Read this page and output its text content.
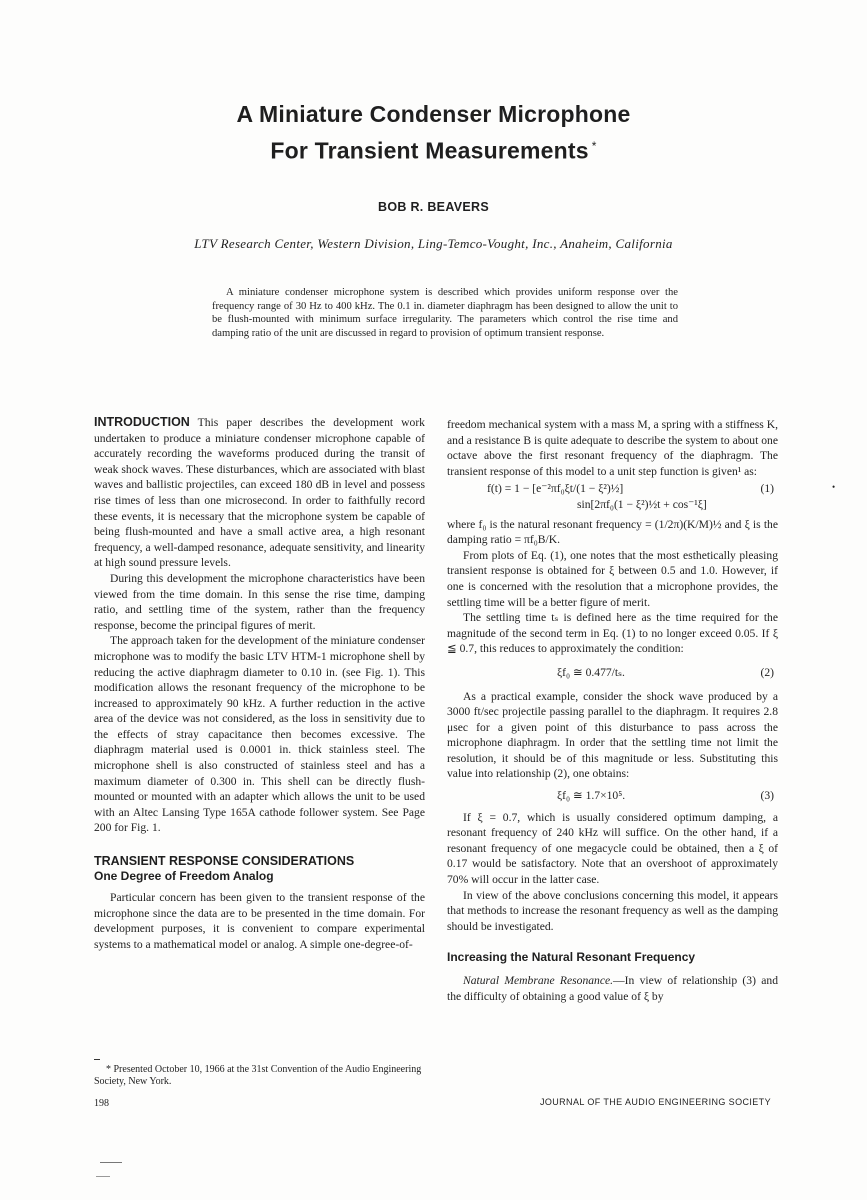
A Miniature Condenser Microphone
For Transient Measurements *
BOB R. BEAVERS
LTV Research Center, Western Division, Ling-Temco-Vought, Inc., Anaheim, California
A miniature condenser microphone system is described which provides uniform response over the frequency range of 30 Hz to 400 kHz. The 0.1 in. diameter diaphragm has been designed to allow the unit to be flush-mounted with minimum surface irregularity. The parameters which control the rise time and damping ratio of the unit are discussed in regard to provision of optimum transient response.

INTRODUCTION This paper describes the development work undertaken to produce a miniature condenser microphone capable of accurately recording the waveforms produced during the transit of weak shock waves. These disturbances, which are associated with blast waves and ballistic projectiles, can exceed 180 dB in level and possess rise times of less than one microsecond. In order to faithfully record these events, it is necessary that the microphone system be capable of being flush-mounted and have a small active area, a high resonant frequency, a well-damped resonance, adequate sensitivity, and linearity at high sound pressure levels.

During this development the microphone characteristics have been viewed from the time domain. In this sense the rise time, damping ratio, and settling time of the system, rather than the frequency response, become the principal figures of merit.

The approach taken for the development of the miniature condenser microphone was to modify the basic LTV HTM-1 microphone shell by reducing the active diaphragm diameter to 0.10 in. (see Fig. 1). This modification allows the resonant frequency of the microphone to be increased to approximately 90 kHz. A further reduction in the active area of the device was not considered, as the loss in sensitivity due to the effects of stray capacitance then becomes excessive. The diaphragm material used is 0.0001 in. thick stainless steel. The microphone shell is also constructed of stainless steel and has a maximum diameter of 0.300 in. This shell can be directly flush-mounted or mounted with an adapter which allows the unit to be used with an Altec Lansing Type 165A cathode follower system. See Page 200 for Fig. 1.

TRANSIENT RESPONSE CONSIDERATIONS
One Degree of Freedom Analog

Particular concern has been given to the transient response of the microphone since the data are to be presented in the time domain. For development purposes, it is convenient to compare experimental systems to a mathematical model or analog. A simple one-degree-of-

freedom mechanical system with a mass M, a spring with a stiffness K, and a resistance B is quite adequate to describe the system to about one octave above the first resonant frequency of the diaphragm. The transient response of this model to a unit step function is given¹ as:

f(t) = 1 − [e⁻²πf₀ξt/(1 − ξ²)½]	(1)
sin[2πf₀(1 − ξ²)½t + cos⁻¹ξ]

where f₀ is the natural resonant frequency = (1/2π)(K/M)½ and ξ is the damping ratio = πf₀B/K.

From plots of Eq. (1), one notes that the most esthetically pleasing transient response is obtained for ξ between 0.5 and 1.0. However, if one is concerned with the resolution that a microphone provides, the settling time will be a better figure of merit.

The settling time tₛ is defined here as the time required for the magnitude of the second term in Eq. (1) to no longer exceed 0.05. If ξ ≦ 0.7, this reduces to approximately the condition:

ξf₀ ≅ 0.477/tₛ.	(2)

As a practical example, consider the shock wave produced by a 3000 ft/sec projectile passing parallel to the diaphragm. It requires 2.8 μsec for a given point of this disturbance to pass across the microphone diaphragm. In order that the settling time not limit the resolution, it should be of this magnitude or less. Substituting this value into relationship (2), one obtains:

ξf₀ ≅ 1.7×10⁵.	(3)

If ξ = 0.7, which is usually considered optimum damping, a resonant frequency of 240 kHz will suffice. On the other hand, if a resonant frequency of one megacycle could be obtained, then a ξ of 0.17 would be satisfactory. Note that an overshoot of approximately 70% will occur in the latter case.

In view of the above conclusions concerning this model, it appears that methods to increase the resonant frequency as well as the damping should be investigated.

Increasing the Natural Resonant Frequency

Natural Membrane Resonance.—In view of relationship (3) and the difficulty of obtaining a good value of ξ by

* Presented October 10, 1966 at the 31st Convention of the Audio Engineering Society, New York.
198	JOURNAL OF THE AUDIO ENGINEERING SOCIETY
•
